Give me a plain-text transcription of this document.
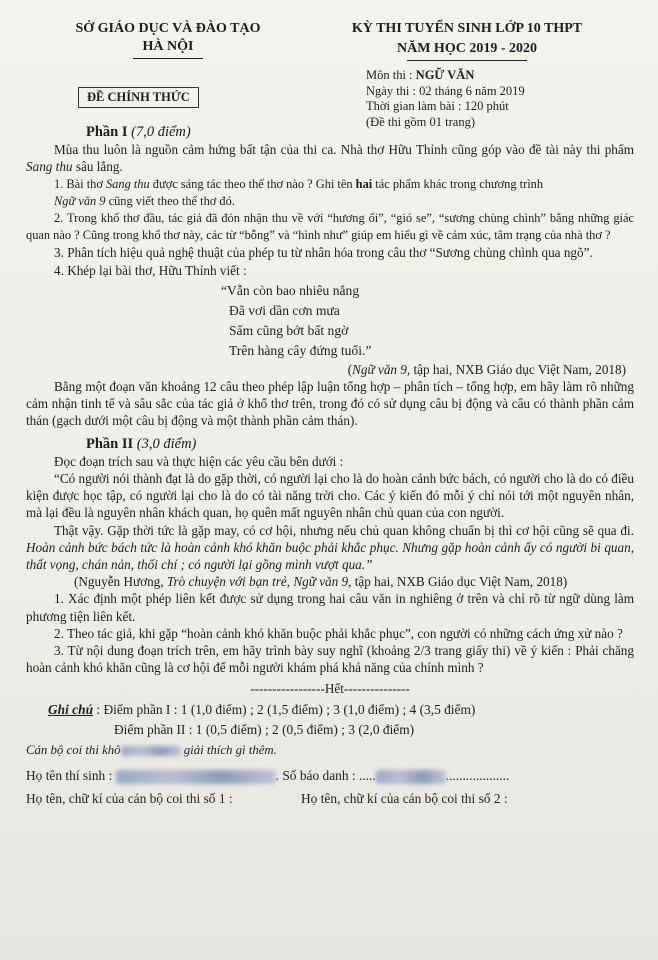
SỞ GIÁO DỤC VÀ ĐÀO TẠO
HÀ NỘI
KỲ THI TUYỂN SINH LỚP 10 THPT
NĂM HỌC 2019 - 2020
ĐỀ CHÍNH THỨC
Môn thi : NGỮ VĂN
Ngày thi : 02 tháng 6 năm 2019
Thời gian làm bài : 120 phút
(Đề thi gồm 01 trang)

Phần I (7,0 điểm)

Mùa thu luôn là nguồn cảm hứng bất tận của thi ca. Nhà thơ Hữu Thỉnh cũng góp vào đề tài này thi phẩm Sang thu sâu lắng.

1. Bài thơ Sang thu được sáng tác theo thể thơ nào ? Ghi tên hai tác phẩm khác trong chương trình

Ngữ văn 9 cũng viết theo thể thơ đó.

2. Trong khổ thơ đầu, tác giả đã đón nhận thu về với “hương ổi”, “gió se”, “sương chùng chình” bằng những giác quan nào ? Cũng trong khổ thơ này, các từ “bỗng” và “hình như” giúp em hiểu gì về cảm xúc, tâm trạng của nhà thơ ?

3. Phân tích hiệu quả nghệ thuật của phép tu từ nhân hóa trong câu thơ “Sương chùng chình qua ngõ”.

4. Khép lại bài thơ, Hữu Thỉnh viết :

“Vẫn còn bao nhiêu nắng
Đã vơi dần cơn mưa
Sấm cũng bớt bất ngờ
Trên hàng cây đứng tuổi.”

(Ngữ văn 9, tập hai, NXB Giáo dục Việt Nam, 2018)

Bằng một đoạn văn khoảng 12 câu theo phép lập luận tổng hợp – phân tích – tổng hợp, em hãy làm rõ những cảm nhận tinh tế và sâu sắc của tác giả ở khổ thơ trên, trong đó có sử dụng câu bị động và câu có thành phần cảm thán (gạch dưới một câu bị động và một thành phần cảm thán).

Phần II (3,0 điểm)

Đọc đoạn trích sau và thực hiện các yêu cầu bên dưới :

“Có người nói thành đạt là do gặp thời, có người lại cho là do hoàn cảnh bức bách, có người cho là do có điều kiện được học tập, có người lại cho là do có tài năng trời cho. Các ý kiến đó mỗi ý chỉ nói tới một nguyên nhân, mà lại đều là nguyên nhân khách quan, họ quên mất nguyên nhân chủ quan của con người.

Thật vậy. Gặp thời tức là gặp may, có cơ hội, nhưng nếu chủ quan không chuẩn bị thì cơ hội cũng sẽ qua đi. Hoàn cảnh bức bách tức là hoàn cảnh khó khăn buộc phải khắc phục. Nhưng gặp hoàn cảnh ấy có người bi quan, thất vọng, chán nản, thối chí ; có người lại gồng mình vượt qua.”

(Nguyễn Hương, Trò chuyện với bạn trẻ, Ngữ văn 9, tập hai, NXB Giáo dục Việt Nam, 2018)

1. Xác định một phép liên kết được sử dụng trong hai câu văn in nghiêng ở trên và chỉ rõ từ ngữ dùng làm phương tiện liên kết.

2. Theo tác giả, khi gặp “hoàn cảnh khó khăn buộc phải khắc phục”, con người có những cách ứng xử nào ?

3. Từ nội dung đoạn trích trên, em hãy trình bày suy nghĩ (khoảng 2/3 trang giấy thi) về ý kiến : Phải chăng hoàn cảnh khó khăn cũng là cơ hội để mỗi người khám phá khả năng của chính mình ?

-----------------Hết---------------
Ghi chú : Điểm phần I : 1 (1,0 điểm) ; 2 (1,5 điểm) ; 3 (1,0 điểm) ; 4 (3,5 điểm)
Điểm phần II : 1 (0,5 điểm) ; 2 (0,5 điểm) ; 3 (2,0 điểm)
Cán bộ coi thi khô	giải thích gì thêm.
Họ tên thí sinh :	. Số báo danh : .....	...................
Họ tên, chữ kí của cán bộ coi thi số 1 :	Họ tên, chữ kí của cán bộ coi thi số 2 :
